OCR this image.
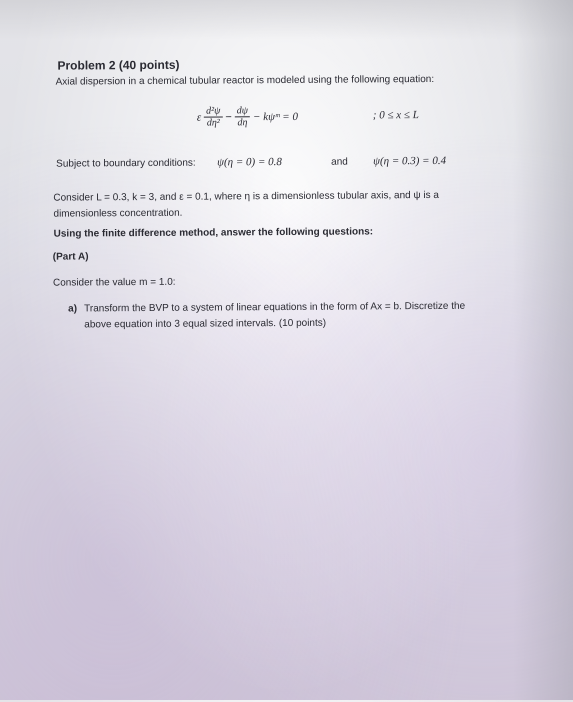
Problem 2 (40 points)
Axial dispersion in a chemical tubular reactor is modeled using the following equation:
ε $\frac{\text{d²ψ}}{\text{dη²}} - \frac{d\psi}{d\eta}$ − kψᵐ = 0	; 0 ≤ x ≤ L
Subject to boundary conditions: ψ(η = 0) = 0.8	and ψ(η = 0.3) = 0.4
Consider L = 0.3, k = 3, and ε = 0.1, where η is a dimensionless tubular axis, and ψ is a
dimensionless concentration.
Using the finite difference method, answer the following questions:
(Part A)
Consider the value m = 1.0:
a) Transform the BVP to a system of linear equations in the form of Ax = b. Discretize the
above equation into 3 equal sized intervals. (10 points)
